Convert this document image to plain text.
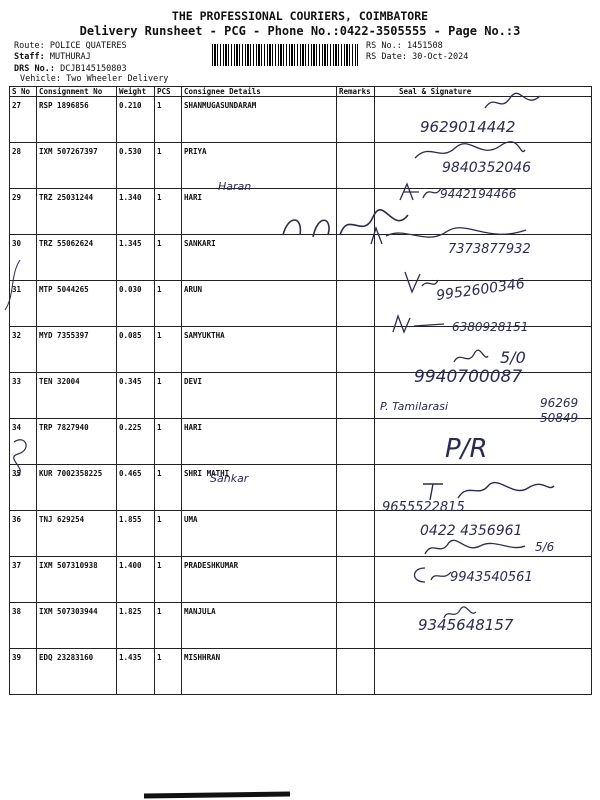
THE PROFESSIONAL COURIERS, COIMBATORE
Delivery Runsheet - PCG - Phone No.:0422-3505555 - Page No.:3
Route: POLICE QUATERES
Staff: MUTHURAJ
DRS No.: DCJB145150803
Vehicle: Two Wheeler Delivery
RS No.: 1451508
RS Date: 30-Oct-2024
S No	Consignment No	Weight	PCS	Consignee Details	Remarks	Seal & Signature
27	RSP 1896856	0.210	1	SHANMUGASUNDARAM		
28	IXM 507267397	0.530	1	PRIYA		
29	TRZ 25031244	1.340	1	HARI		
30	TRZ 55062624	1.345	1	SANKARI		
31	MTP 5044265	0.030	1	ARUN		
32	MYD 7355397	0.085	1	SAMYUKTHA		
33	TEN 32004	0.345	1	DEVI		
34	TRP 7827940	0.225	1	HARI		
35	KUR 7002358225	0.465	1	SHRI MATHI		
36	TNJ 629254	1.855	1	UMA		
37	IXM 507310938	1.400	1	PRADESHKUMAR		
38	IXM 507303944	1.825	1	MANJULA		
39	EDQ 23283160	1.435	1	MISHHRAN		
9629014442
9840352046
Haran
9442194466
7373877932
9952600346
6380928151
5/0
9940700087
P. Tamilarasi	96269
50849
P/R
Sankar
9655522815
0422 4356961
5/6
9943540561
9345648157
